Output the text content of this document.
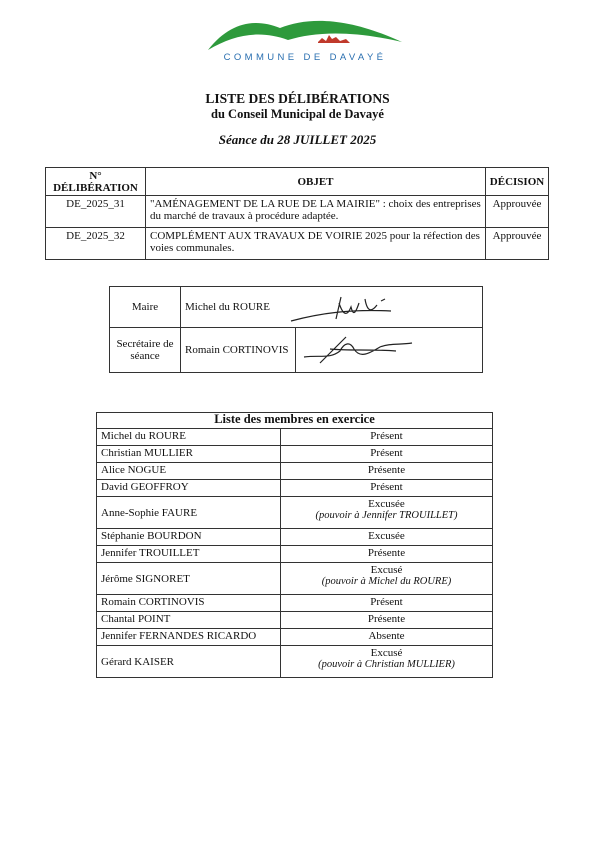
COMMUNE DE DAVAYÉ
LISTE DES DÉLIBÉRATIONS
du Conseil Municipal de Davayé
Séance du 28 JUILLET 2025
N° DÉLIBÉRATION	OBJET	DÉCISION
DE_2025_31	"AMÉNAGEMENT DE LA RUE DE LA MAIRIE" : choix des entreprises du marché de travaux à procédure adaptée.	Approuvée
DE_2025_32	COMPLÉMENT AUX TRAVAUX DE VOIRIE 2025 pour la réfection des voies communales.	Approuvée
Maire	Michel du ROURE	

Secrétaire de séance	Romain CORTINOVIS	
Liste des membres en exercice	
Michel du ROURE	Présent
Christian MULLIER	Présent
Alice NOGUE	Présente
David GEOFFROY	Présent
Anne-Sophie FAURE	Excusée
(pouvoir à Jennifer TROUILLET)

Stéphanie BOURDON	Excusée
Jennifer TROUILLET	Présente
Jérôme SIGNORET	Excusé
(pouvoir à Michel du ROURE)

Romain CORTINOVIS	Présent
Chantal POINT	Présente
Jennifer FERNANDES RICARDO	Absente
Gérard KAISER	Excusé
(pouvoir à Christian MULLIER)
